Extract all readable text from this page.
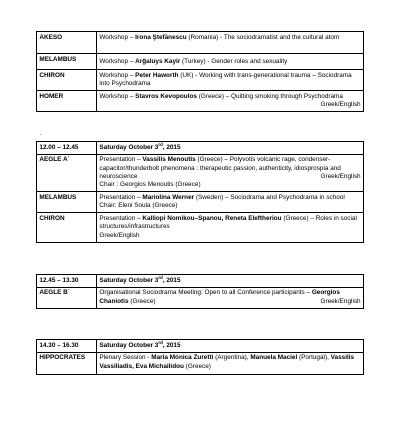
AKESO	Workshop – Irona Ştefănescu (Romania) - The sociodramatist and the cultural atom
MELAMBUS	Workshop – Arğaluys Kayir (Turkey) - Gender roles and sexuality
CHIRON	Workshop – Peter Haworth (UK) - Working with trans-generational trauma – Sociodrama into Psychodrama
HOMER	Workshop – Stavros Kevopoulos (Greece) – Quitting smoking through Psychodrama
Greek/English
.
12.00 – 12.45	Saturday October 3rd, 2015
AEGLE A΄	Presentation – Vassilis Menoutis (Greece) – Polyvotis volcanic rage, condenser-capacitor/thunderbolt phenomena : therapeutic passion, authenticity, idiosprospia and neuroscience Greek/English

Chair : Georgios Menoutis (Greece)
MELAMBUS	Presentation – Mariolina Werner (Sweden) – Sociodrama and Psychodrama in school
Chair: Eleni Soula (Greece)
CHIRON	Presentation – Kalliopi Nomikou–Spanou, Reneta Eleftheriou (Greece) – Roles in social structures/infrastructures
Greek/English
12.45 – 13.30	Saturday October 3rd, 2015
AEGLE B΄	Organisational Sociodrama Meeting: Open to all Conference participants – Georgios Chaniotis (Greece) Greek/English
14.30 – 16.30	Saturday October 3rd, 2015
HIPPOCRATES	Plenary Session - Maria Mónica Zuretti (Argentina), Manuela Maciel (Portugal), Vassilis Vassiliadis, Eva Michailidou (Greece)
